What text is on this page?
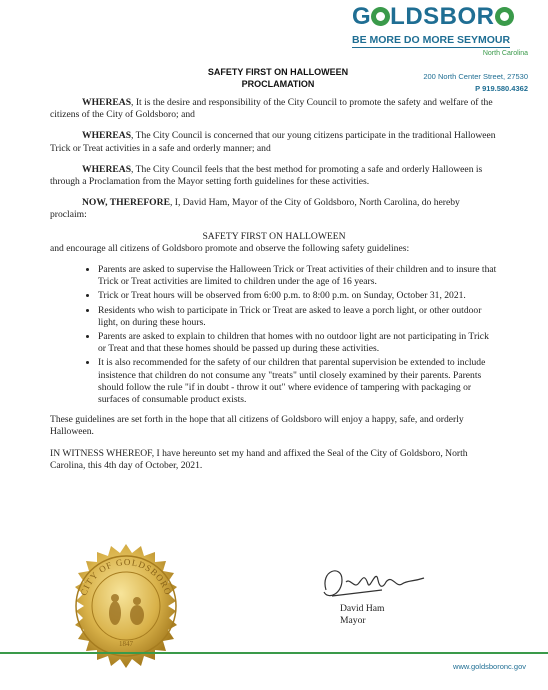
G LDSBOR
BE MORE DO MORE SEYMOUR
North Carolina
200 North Center Street, 27530
P 919.580.4362
SAFETY FIRST ON HALLOWEEN
PROCLAMATION

WHEREAS, It is the desire and responsibility of the City Council to promote the safety and welfare of the citizens of the City of Goldsboro; and

WHEREAS, The City Council is concerned that our young citizens participate in the traditional Halloween Trick or Treat activities in a safe and orderly manner; and

WHEREAS, The City Council feels that the best method for promoting a safe and orderly Halloween is through a Proclamation from the Mayor setting forth guidelines for these activities.

NOW, THEREFORE, I, David Ham, Mayor of the City of Goldsboro, North Carolina, do hereby proclaim:

SAFETY FIRST ON HALLOWEEN

and encourage all citizens of Goldsboro promote and observe the following safety guidelines:

• Parents are asked to supervise the Halloween Trick or Treat activities of their children and to insure that Trick or Treat activities are limited to children under the age of 16 years.
• Trick or Treat hours will be observed from 6:00 p.m. to 8:00 p.m. on Sunday, October 31, 2021.
• Residents who wish to participate in Trick or Treat are asked to leave a porch light, or other outdoor light, on during these hours.
• Parents are asked to explain to children that homes with no outdoor light are not participating in Trick or Treat and that these homes should be passed up during these activities.
• It is also recommended for the safety of our children that parental supervision be extended to include insistence that children do not consume any "treats" until closely examined by their parents. Parents should follow the rule "if in doubt - throw it out" where evidence of tampering with packaging or surfaces of consumable product exists.

These guidelines are set forth in the hope that all citizens of Goldsboro will enjoy a happy, safe, and orderly Halloween.

IN WITNESS WHEREOF, I have hereunto set my hand and affixed the Seal of the City of Goldsboro, North Carolina, this 4th day of October, 2021.

CITY OF GOLDSBORO
1847
David Ham
Mayor
www.goldsboronc.gov
